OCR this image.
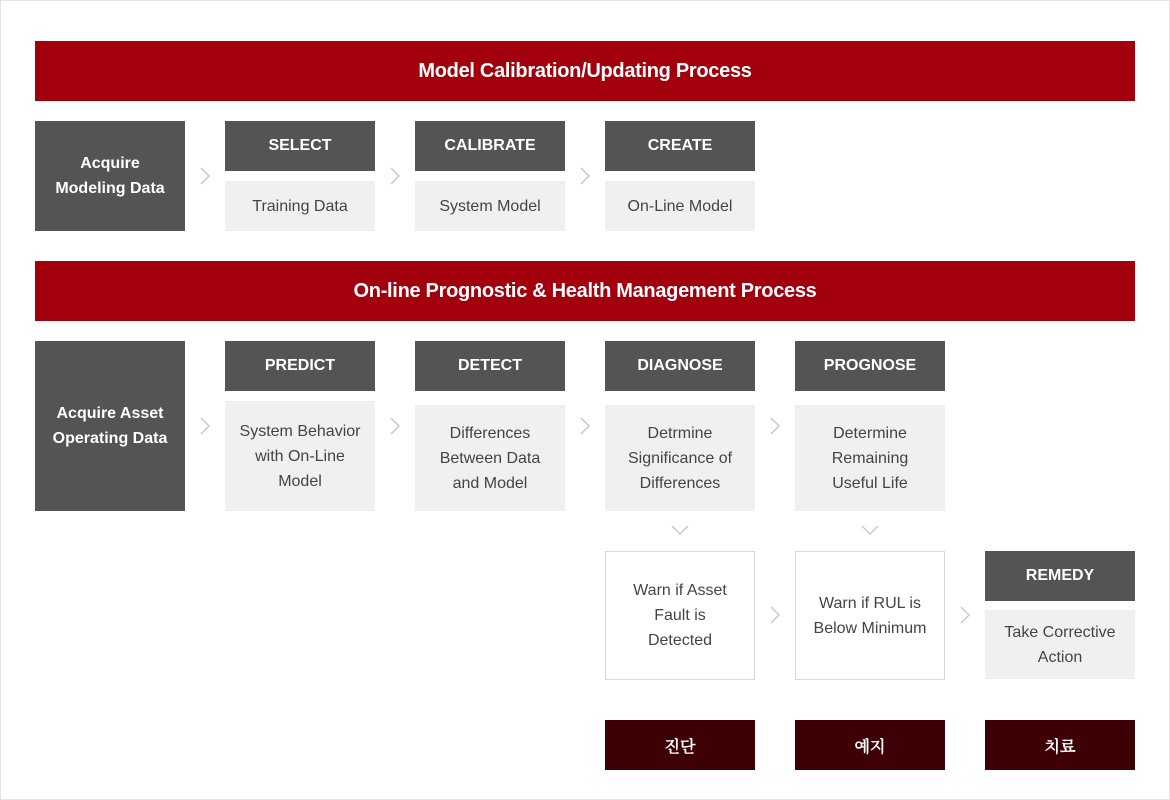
Model Calibration/Updating Process
Acquire
Modeling Data
SELECT
Training Data
CALIBRATE
System Model
CREATE
On-Line Model
On-line Prognostic & Health Management Process
Acquire Asset
Operating Data
PREDICT
System Behavior
with On-Line
Model
DETECT
Differences
Between Data
and Model
DIAGNOSE
Detrmine
Significance of
Differences
PROGNOSE
Determine
Remaining
Useful Life
Warn if Asset
Fault is
Detected
Warn if RUL is
Below Minimum
REMEDY
Take Corrective
Action
진단	예지	치료
